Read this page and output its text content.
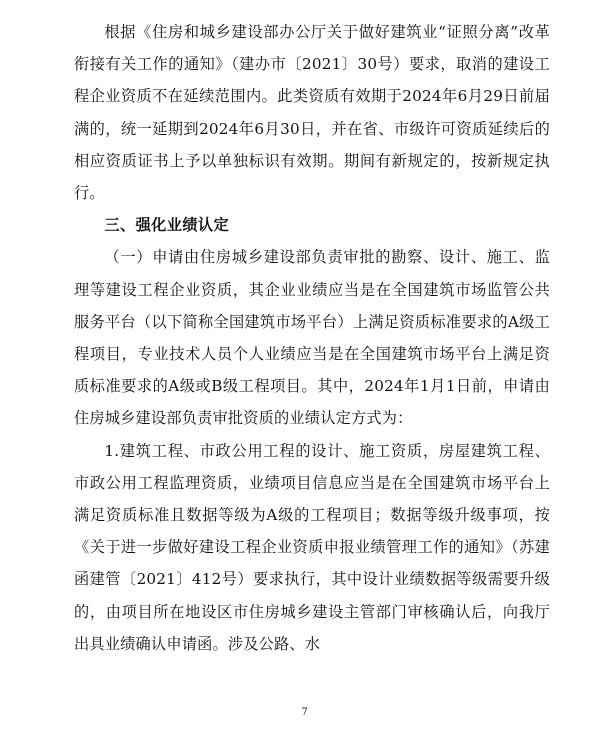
根据《住房和城乡建设部办公厅关于做好建筑业“证照分离”改革衔接有关工作的通知》（建办市〔2021〕30号）要求，取消的建设工程企业资质不在延续范围内。此类资质有效期于2024年6月29日前届满的，统一延期到2024年6月30日，并在省、市级许可资质延续后的相应资质证书上予以单独标识有效期。期间有新规定的，按新规定执行。

三、强化业绩认定

（一）申请由住房城乡建设部负责审批的勘察、设计、施工、监理等建设工程企业资质，其企业业绩应当是在全国建筑市场监管公共服务平台（以下简称全国建筑市场平台）上满足资质标准要求的A级工程项目，专业技术人员个人业绩应当是在全国建筑市场平台上满足资质标准要求的A级或B级工程项目。其中，2024年1月1日前，申请由住房城乡建设部负责审批资质的业绩认定方式为：

1.建筑工程、市政公用工程的设计、施工资质，房屋建筑工程、市政公用工程监理资质，业绩项目信息应当是在全国建筑市场平台上满足资质标准且数据等级为A级的工程项目；数据等级升级事项，按《关于进一步做好建设工程企业资质申报业绩管理工作的通知》（苏建函建管〔2021〕412号）要求执行，其中设计业绩数据等级需要升级的，由项目所在地设区市住房城乡建设主管部门审核确认后，向我厅出具业绩确认申请函。涉及公路、水

7
